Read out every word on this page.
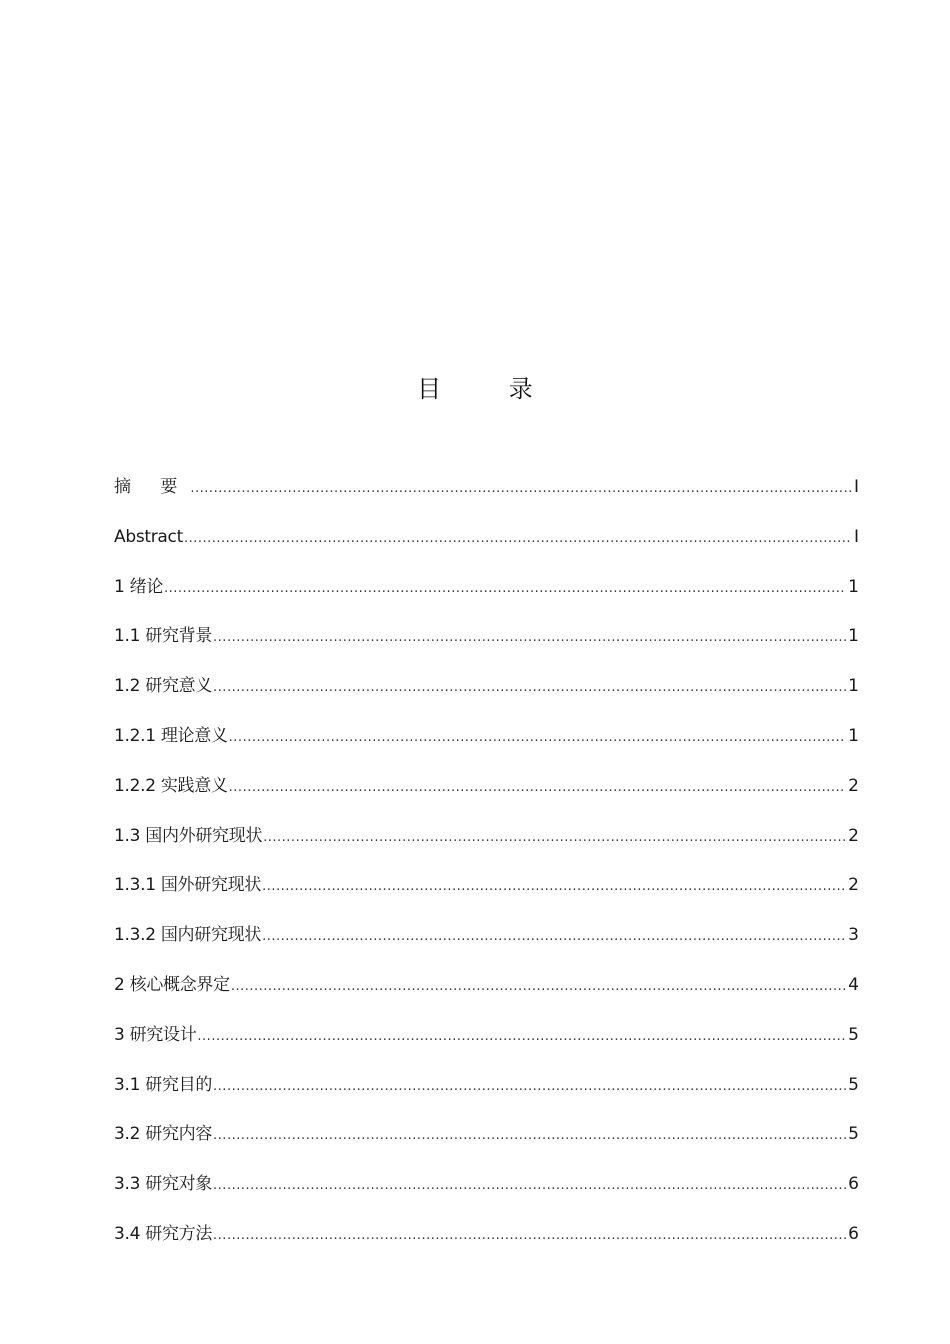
目 录
摘 要 .....	I
Abstract .....	I
1 绪论 .....	1
1.1 研究背景 .....	1
1.2 研究意义 .....	1
1.2.1 理论意义 .....	1
1.2.2 实践意义 .....	2
1.3 国内外研究现状 .....	2
1.3.1 国外研究现状 .....	2
1.3.2 国内研究现状 .....	3
2 核心概念界定 .....	4
3 研究设计 .....	5
3.1 研究目的 .....	5
3.2 研究内容 .....	5
3.3 研究对象 .....	6
3.4 研究方法 .....	6
